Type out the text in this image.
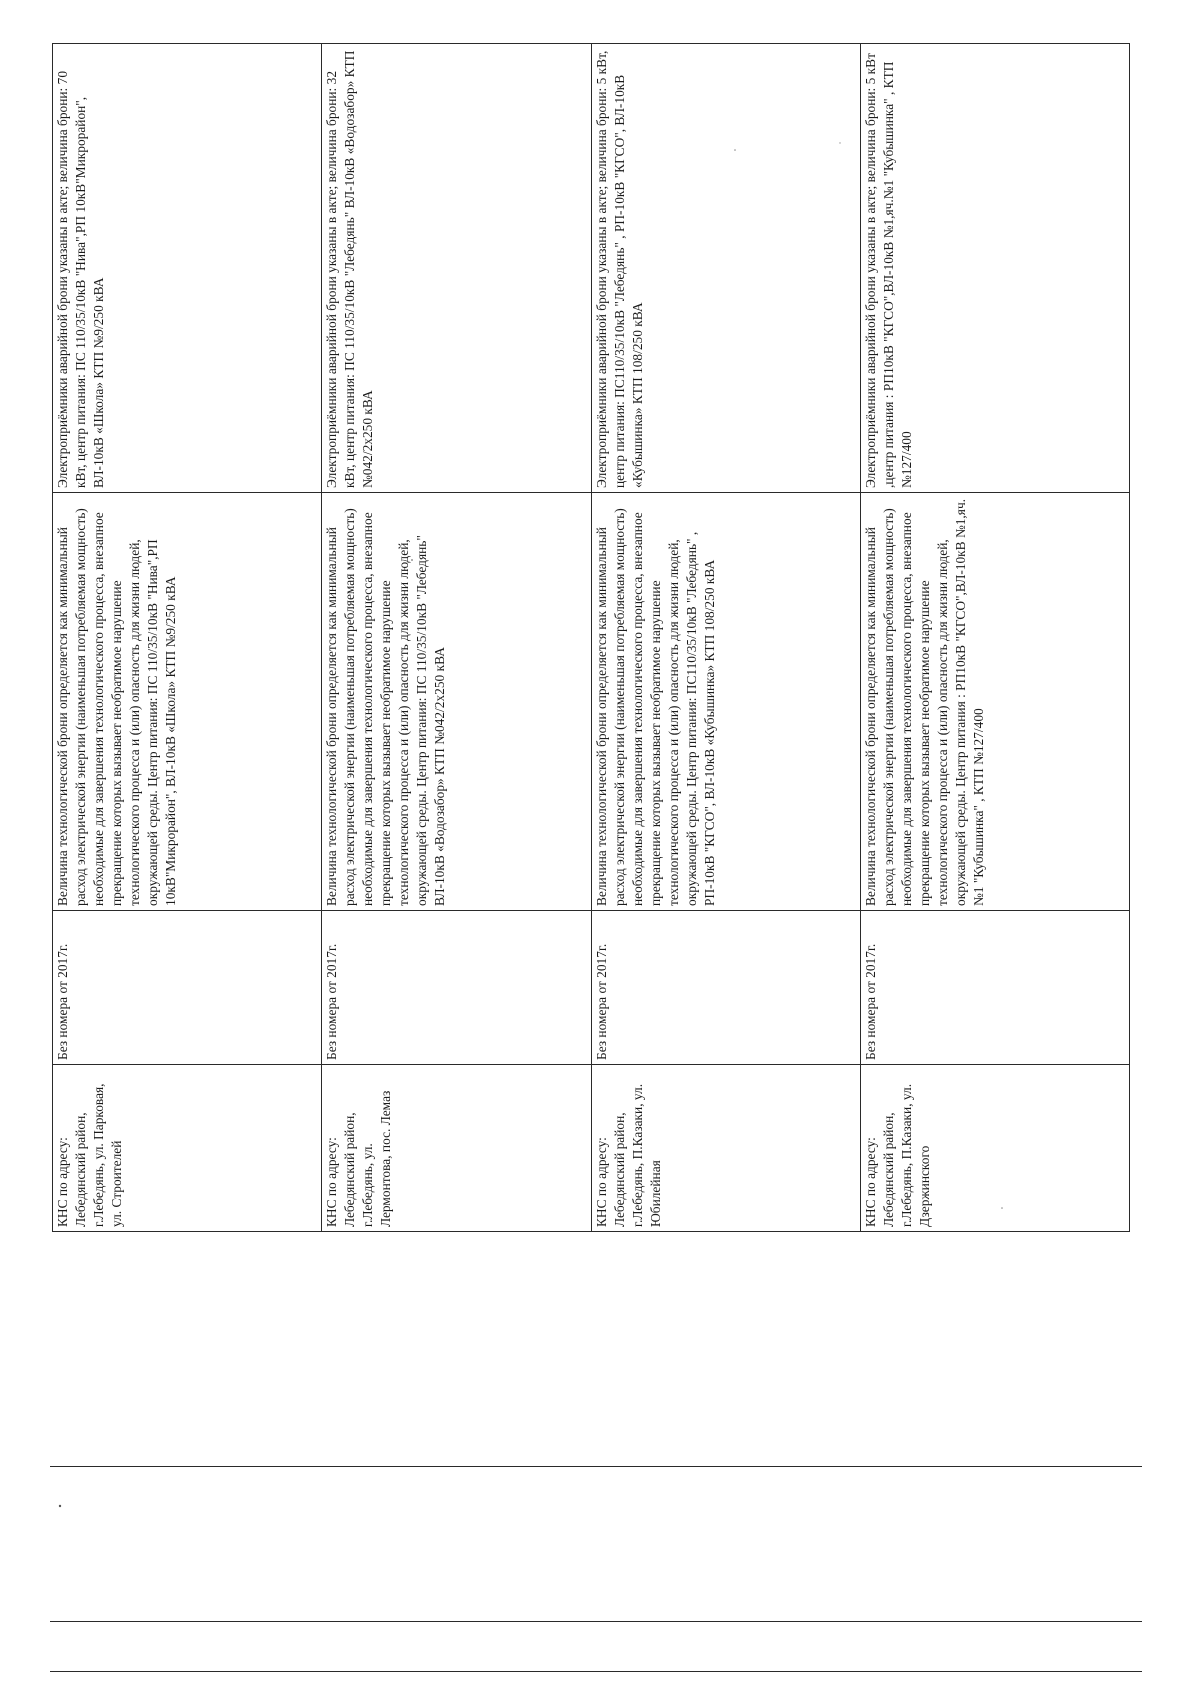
КНС по адресу: Лебедянский район, г.Лебедянь, ул. Парковая, ул. Строителей	Без номера от 2017г.	Величина технологической брони определяется как минимальный расход электрической энергии (наименьшая потребляемая мощность) необходимые для завершения технологического процесса, внезапное прекращение которых вызывает необратимое нарушение технологического процесса и (или) опасность для жизни людей, окружающей среды. Центр питания: ПС 110/35/10кВ "Нива",РП 10кВ"Микрорайон", ВЛ-10кВ «Школа» КТП №9/250 кВА	Электроприёмники аварийной брони указаны в акте; величина брони: 70 кВт, центр питания: ПС 110/35/10кВ "Нива",РП 10кВ"Микрорайон", ВЛ-10кВ «Школа» КТП №9/250 кВА
КНС по адресу: Лебедянский район, г.Лебедянь, ул. Лермонтова, пос. Лемаз	Без номера от 2017г.	Величина технологической брони определяется как минимальный расход электрической энергии (наименьшая потребляемая мощность) необходимые для завершения технологического процесса, внезапное прекращение которых вызывает необратимое нарушение технологического процесса и (или) опасность для жизни людей, окружающей среды. Центр питания: ПС 110/35/10кВ "Лебедянь" ВЛ-10кВ «Водозабор» КТП №042/2х250 кВА	Электроприёмники аварийной брони указаны в акте; величина брони: 32 кВт, центр питания: ПС 110/35/10кВ "Лебедянь" ВЛ-10кВ «Водозабор» КТП №042/2х250 кВА
КНС по адресу: Лебедянский район, г.Лебедянь, П.Казаки, ул. Юбилейная	Без номера от 2017г.	Величина технологической брони определяется как минимальный расход электрической энергии (наименьшая потребляемая мощность) необходимые для завершения технологического процесса, внезапное прекращение которых вызывает необратимое нарушение технологического процесса и (или) опасность для жизни людей, окружающей среды. Центр питания: ПС110/35/10кВ "Лебедянь" , РП-10кВ "КГСО", ВЛ-10кВ «Кубышинка» КТП 108/250 кВА	Электроприёмники аварийной брони указаны в акте; величина брони: 5 кВт, центр питания: ПС110/35/10кВ "Лебедянь" , РП-10кВ "КГСО", ВЛ-10кВ «Кубышинка» КТП 108/250 кВА
КНС по адресу: Лебедянский район, г.Лебедянь, П.Казаки, ул. Дзержинского	Без номера от 2017г.	Величина технологической брони определяется как минимальный расход электрической энергии (наименьшая потребляемая мощность) необходимые для завершения технологического процесса, внезапное прекращение которых вызывает необратимое нарушение технологического процесса и (или) опасность для жизни людей, окружающей среды. Центр питания : РП10кВ "КГСО",ВЛ-10кВ №1,яч.№1 "Кубышинка" , КТП №127/400	Электроприёмники аварийной брони указаны в акте; величина брони: 5 кВт ,центр питания : РП10кВ "КГСО",ВЛ-10кВ №1,яч.№1 "Кубышинка" , КТП №127/400
